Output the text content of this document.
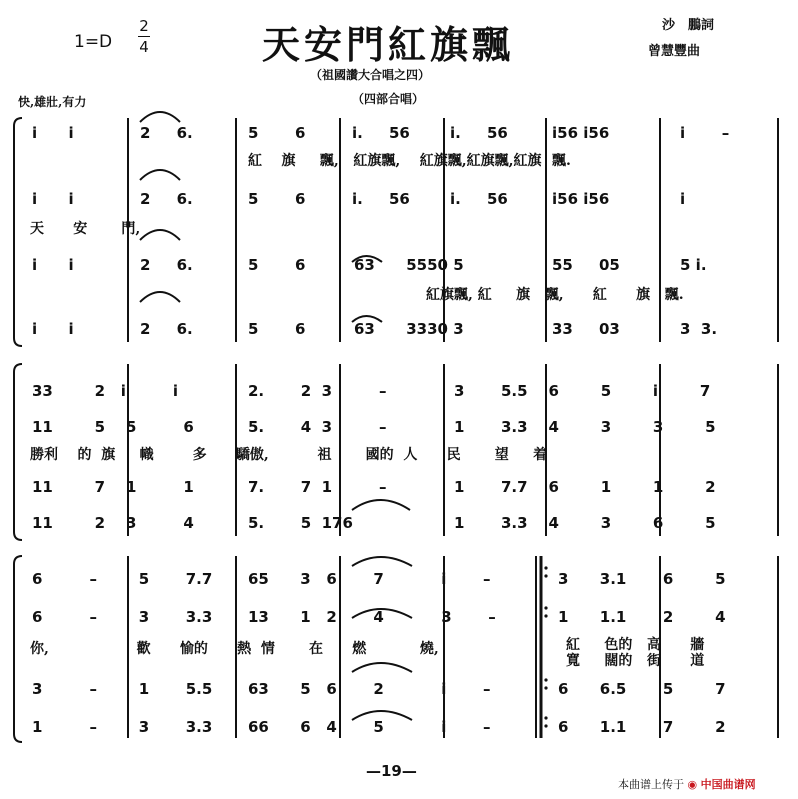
1=D
2
4	天安門紅旗飄	沙　鵬詞
曾慧豐曲
（祖國讚大合唱之四）
（四部合唱）
快,雄壯,有力
i i	2 6.	5 6	i. 56	i. 56	i56 i56	i –
紅 旗 飄, 紅旗飄, 紅旗飄,紅旗飄,紅旗 飄.
i i	2 6.	5 6	i. 56	i. 56	i56 i56	i
天 安 門,
i i	2 6.	5 6	63 5550 5	55 05	5 i.
紅旗飄, 紅 旗 飄, 紅 旗 飄.
i i	2 6.	5 6	63 3330 3	33 03	3 3.
33	2 i	i	2. 2 3	–	3 5.5 6	5	i	7
11	5 5	6	5. 4 3	–	1 3.3 4	3	3	5
勝利 的 旗 幟	多 驕傲,	祖 國的 人 民 望 着
11	7 1	1	7. 7 1	–	1 7.7 6	1	1	2
11	2 3	4	5. 5 176	1 3.3 4	3	6	5
6	–	5 7.7 65 3 6 7	i –	3 3.1 6	5
6	–	3 3.3 13 1 2 4	3 –	1 1.1 2	4
你,	歡 愉的 熱 情 在 燃	燒,	紅 色的 高 牆
寬 闊的 街 道
3	–	1 5.5 63 5 6 2	i –	6 6.5 5	7
1	–	3 3.3 66 6 4 5	i –	6 1.1 7	2
—19—
本曲谱上传于 ◉ 中国曲谱网
